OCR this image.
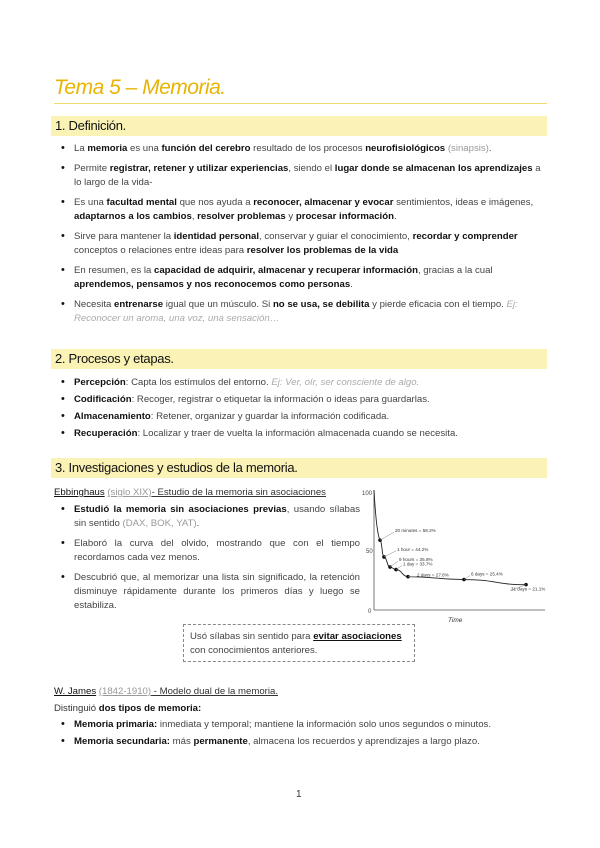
Tema 5 – Memoria.
1. Definición.
• La memoria es una función del cerebro resultado de los procesos neurofisiológicos (sinapsis).
• Permite registrar, retener y utilizar experiencias, siendo el lugar donde se almacenan los aprendizajes a lo largo de la vida-
• Es una facultad mental que nos ayuda a reconocer, almacenar y evocar sentimientos, ideas e imágenes, adaptarnos a los cambios, resolver problemas y procesar información.
• Sirve para mantener la identidad personal, conservar y guiar el conocimiento, recordar y comprender conceptos o relaciones entre ideas para resolver los problemas de la vida
• En resumen, es la capacidad de adquirir, almacenar y recuperar información, gracias a la cual aprendemos, pensamos y nos reconocemos como personas.
• Necesita entrenarse igual que un músculo. Si no se usa, se debilita y pierde eficacia con el tiempo. Ej: Reconocer un aroma, una voz, una sensación…
2. Procesos y etapas.
• Percepción: Capta los estímulos del entorno. Ej: Ver, oír, ser consciente de algo.
• Codificación: Recoger, registrar o etiquetar la información o ideas para guardarlas.
• Almacenamiento: Retener, organizar y guardar la información codificada.
• Recuperación: Localizar y traer de vuelta la información almacenada cuando se necesita.
3. Investigaciones y estudios de la memoria.
Ebbinghaus (siglo XIX)- Estudio de la memoria sin asociaciones
• Estudió la memoria sin asociaciones previas, usando sílabas sin sentido (DAX, BOK, YAT).
• Elaboró la curva del olvido, mostrando que con el tiempo recordamos cada vez menos.
• Descubrió que, al memorizar una lista sin significado, la retención disminuye rápidamente durante los primeros días y luego se estabiliza.
100
50
0
20 minutes = 58.2%
1 hour = 44.2%
9 hours = 35.8%
1 day = 33.7%
2 days = 27.8%	6 days = 25.4%
31 days = 21.1%
Time
Usó sílabas sin sentido para evitar asociaciones con conocimientos anteriores.
W. James (1842-1910) - Modelo dual de la memoria.
Distinguió dos tipos de memoria:
• Memoria primaria: inmediata y temporal; mantiene la información solo unos segundos o minutos.
• Memoria secundaria: más permanente, almacena los recuerdos y aprendizajes a largo plazo.
1
